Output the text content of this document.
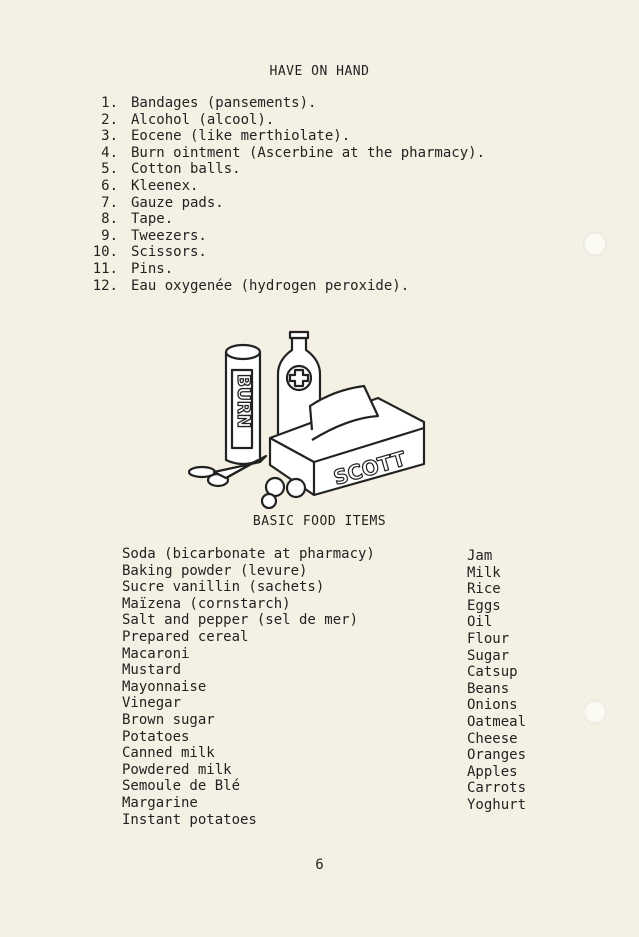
HAVE ON HAND
1. Bandages (pansements).
2. Alcohol (alcool).
3. Eocene (like merthiolate).
4. Burn ointment (Ascerbine at the pharmacy).
5. Cotton balls.
6. Kleenex.
7. Gauze pads.
8. Tape.
9. Tweezers.
10. Scissors.
11. Pins.
12. Eau oxygenée (hydrogen peroxide).
BURN
SCOTT
BASIC FOOD ITEMS
Soda (bicarbonate at pharmacy)
Baking powder (levure)
Sucre vanillin (sachets)
Maïzena (cornstarch)
Salt and pepper (sel de mer)
Prepared cereal
Macaroni
Mustard
Mayonnaise
Vinegar
Brown sugar
Potatoes
Canned milk
Powdered milk
Semoule de Blé
Margarine
Instant potatoes
Jam
Milk
Rice
Eggs
Oil
Flour
Sugar
Catsup
Beans
Onions
Oatmeal
Cheese
Oranges
Apples
Carrots
Yoghurt
6
